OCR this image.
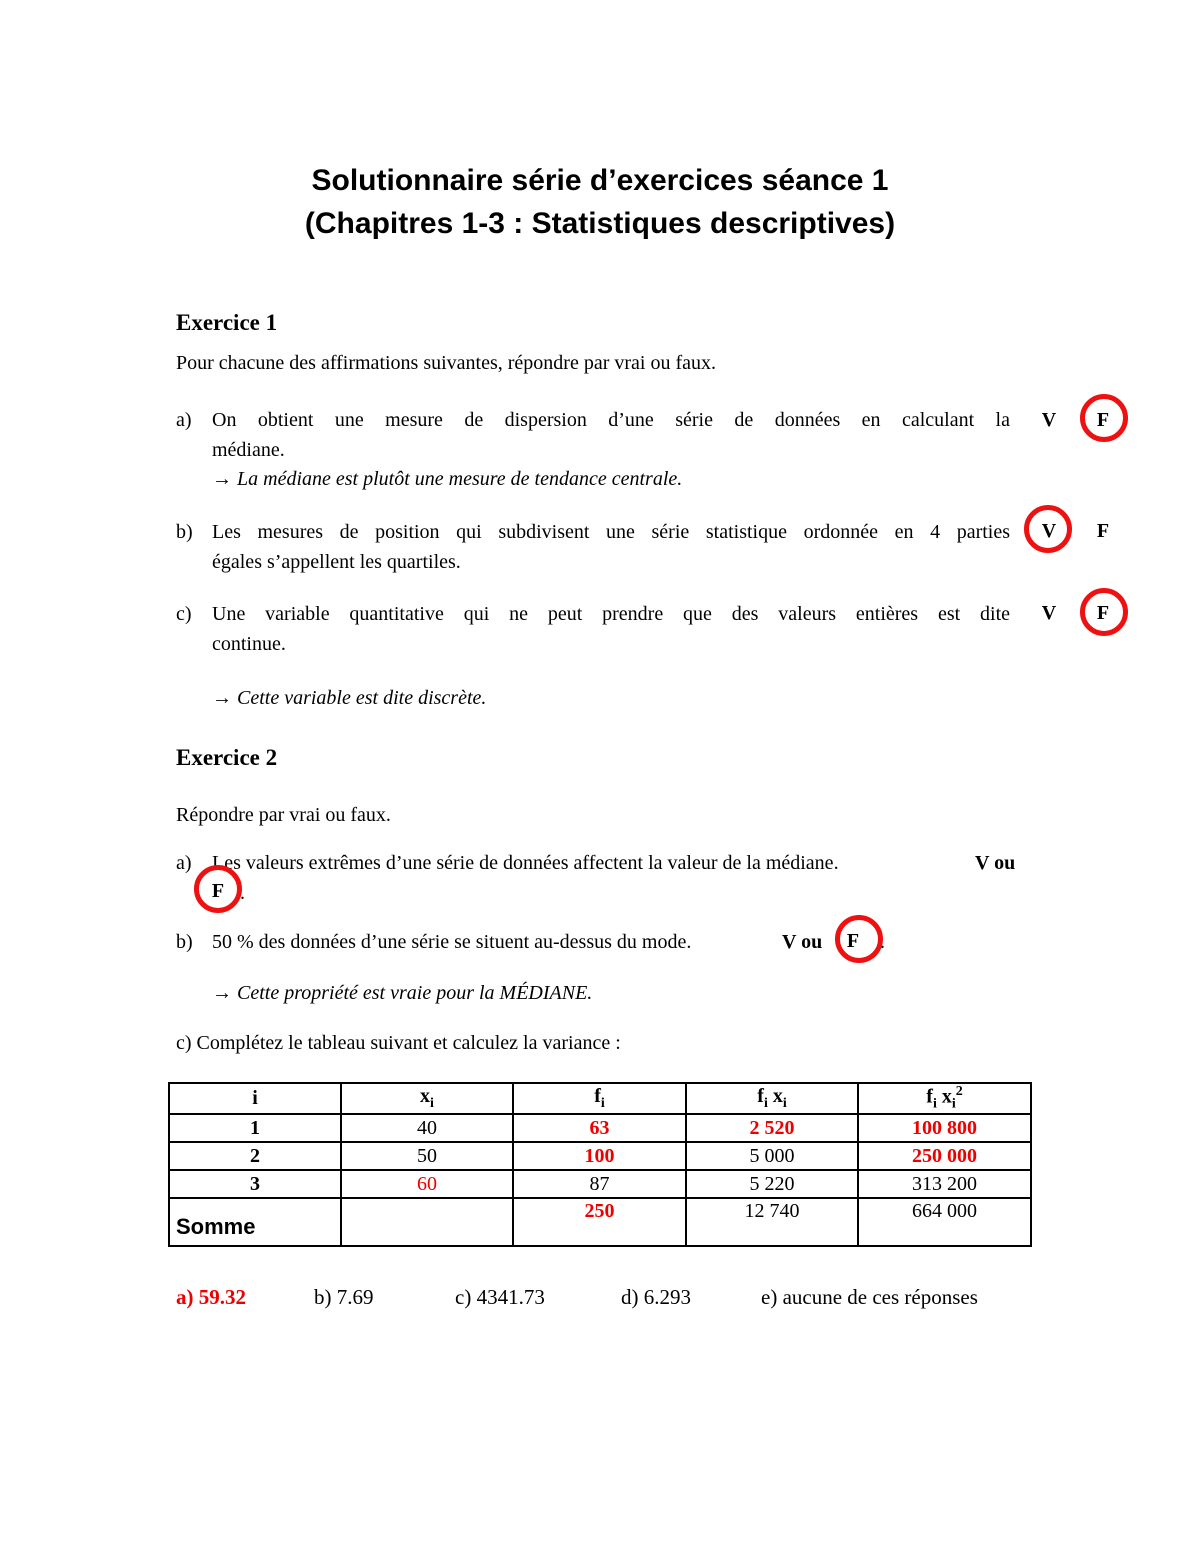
Solutionnaire série d’exercices séance 1
(Chapitres 1-3 : Statistiques descriptives)
Exercice 1
Pour chacune des affirmations suivantes, répondre par vrai ou faux.
a) On obtient une mesure de dispersion d’une série de données en calculant la
médiane.
→ La médiane est plutôt une mesure de tendance centrale.
V	F
b) Les mesures de position qui subdivisent une série statistique ordonnée en 4 parties
égales s’appellent les quartiles.
V	F
c) Une variable quantitative qui ne peut prendre que des valeurs entières est dite
continue.
→ Cette variable est dite discrète.
V	F
Exercice 2
Répondre par vrai ou faux.
a) Les valeurs extrêmes d’une série de données affectent la valeur de la médiane.	V ou
F .
b) 50 % des données d’une série se situent au-dessus du mode.	V ou	F	.
→ Cette propriété est vraie pour la MÉDIANE.
c) Complétez le tableau suivant et calculez la variance :
i	$x_i$	$f_i$	$f_i$ $x_i$	$f_i$ $x_i^2$
1	40	63	2 520	100 800
2	50	100	5 000	250 000
3	60	87	5 220	313 200
Somme		250	12 740	664 000
a) 59.32	b) 7.69	c) 4341.73	d) 6.293	e) aucune de ces réponses
